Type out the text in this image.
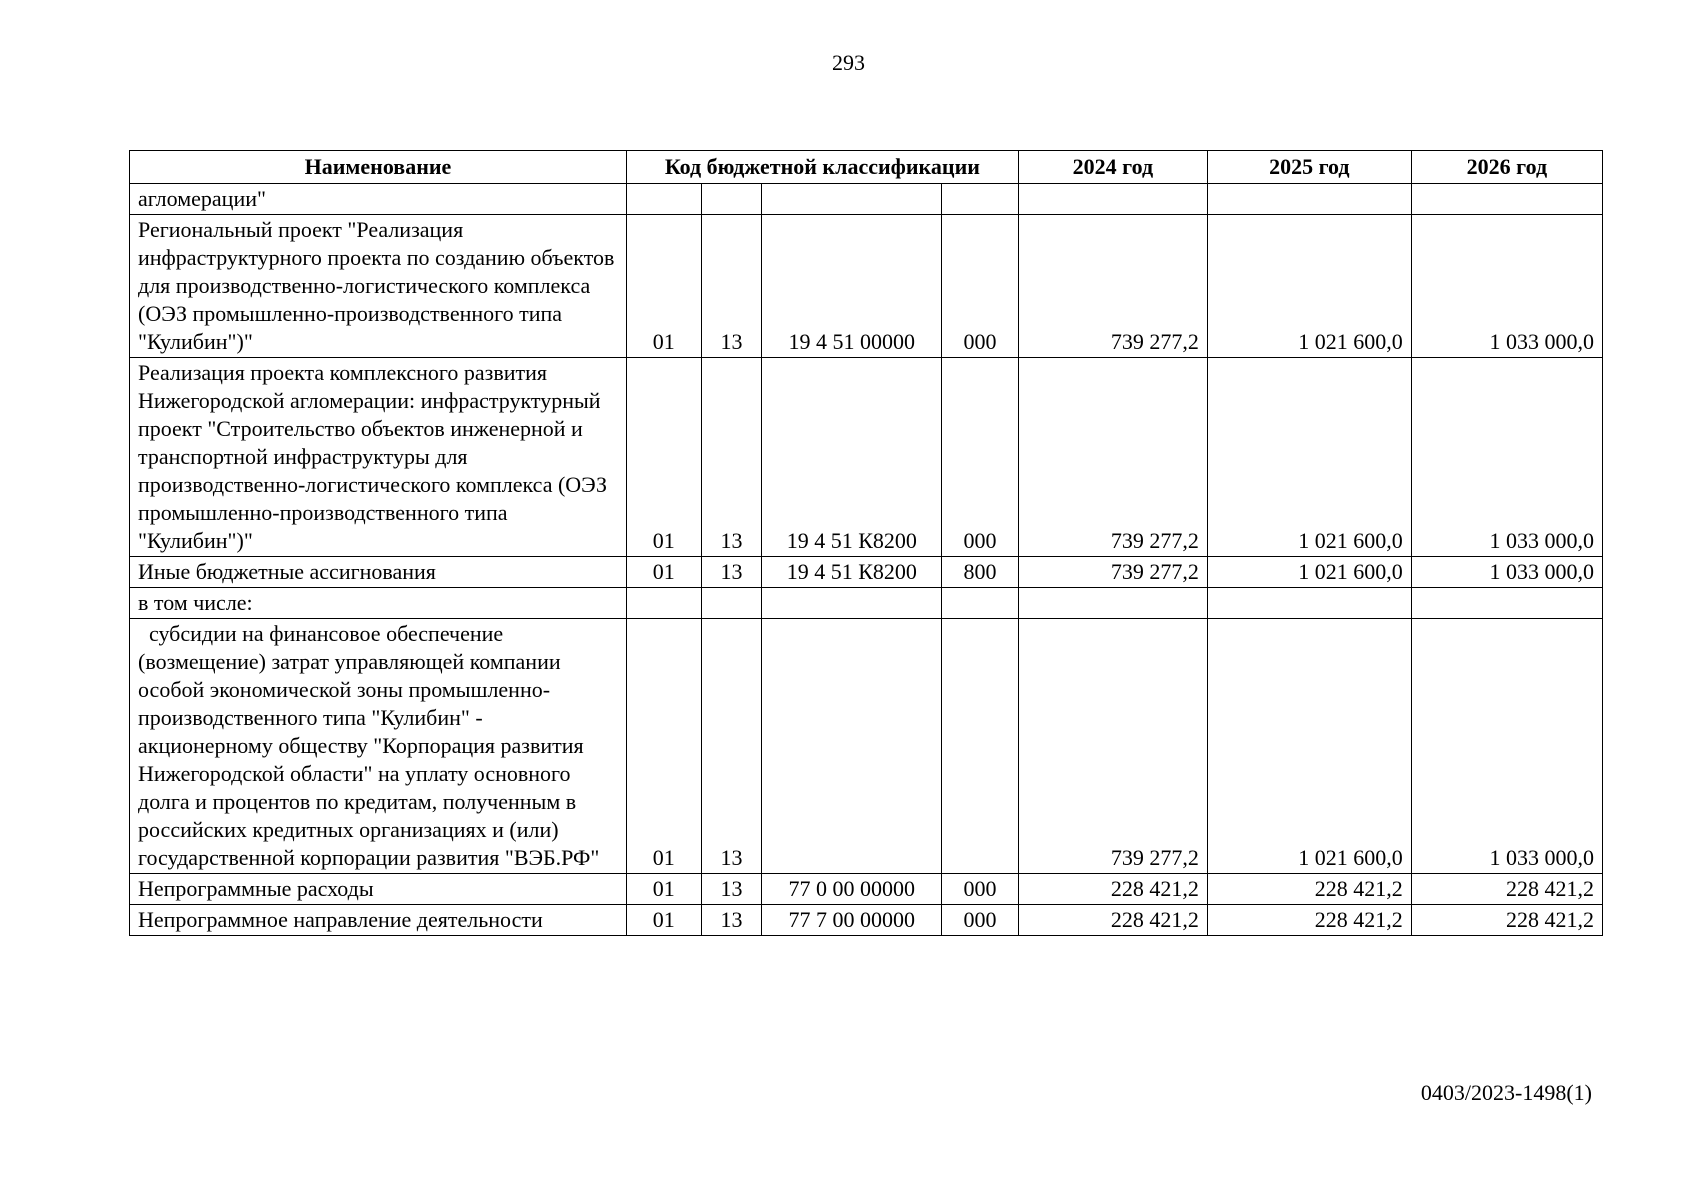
293
Наименование	Код бюджетной классификации				2024 год	2025 год	2026 год
агломерации"							
Региональный проект "Реализация инфраструктурного проекта по созданию объектов для производственно-логистического комплекса (ОЭЗ промышленно-производственного типа "Кулибин")"	01	13	19 4 51 00000	000	739 277,2	1 021 600,0	1 033 000,0
Реализация проекта комплексного развития Нижегородской агломерации: инфраструктурный проект "Строительство объектов инженерной и транспортной инфраструктуры для производственно-логистического комплекса (ОЭЗ промышленно-производственного типа "Кулибин")"	01	13	19 4 51 К8200	000	739 277,2	1 021 600,0	1 033 000,0
Иные бюджетные ассигнования	01	13	19 4 51 К8200	800	739 277,2	1 021 600,0	1 033 000,0
в том числе:							
субсидии на финансовое обеспечение (возмещение) затрат управляющей компании особой экономической зоны промышленно-производственного типа "Кулибин" - акционерному обществу "Корпорация развития Нижегородской области" на уплату основного долга и процентов по кредитам, полученным в российских кредитных организациях и (или) государственной корпорации развития "ВЭБ.РФ"	01	13			739 277,2	1 021 600,0	1 033 000,0
Непрограммные расходы	01	13	77 0 00 00000	000	228 421,2	228 421,2	228 421,2
Непрограммное направление деятельности	01	13	77 7 00 00000	000	228 421,2	228 421,2	228 421,2
0403/2023-1498(1)
